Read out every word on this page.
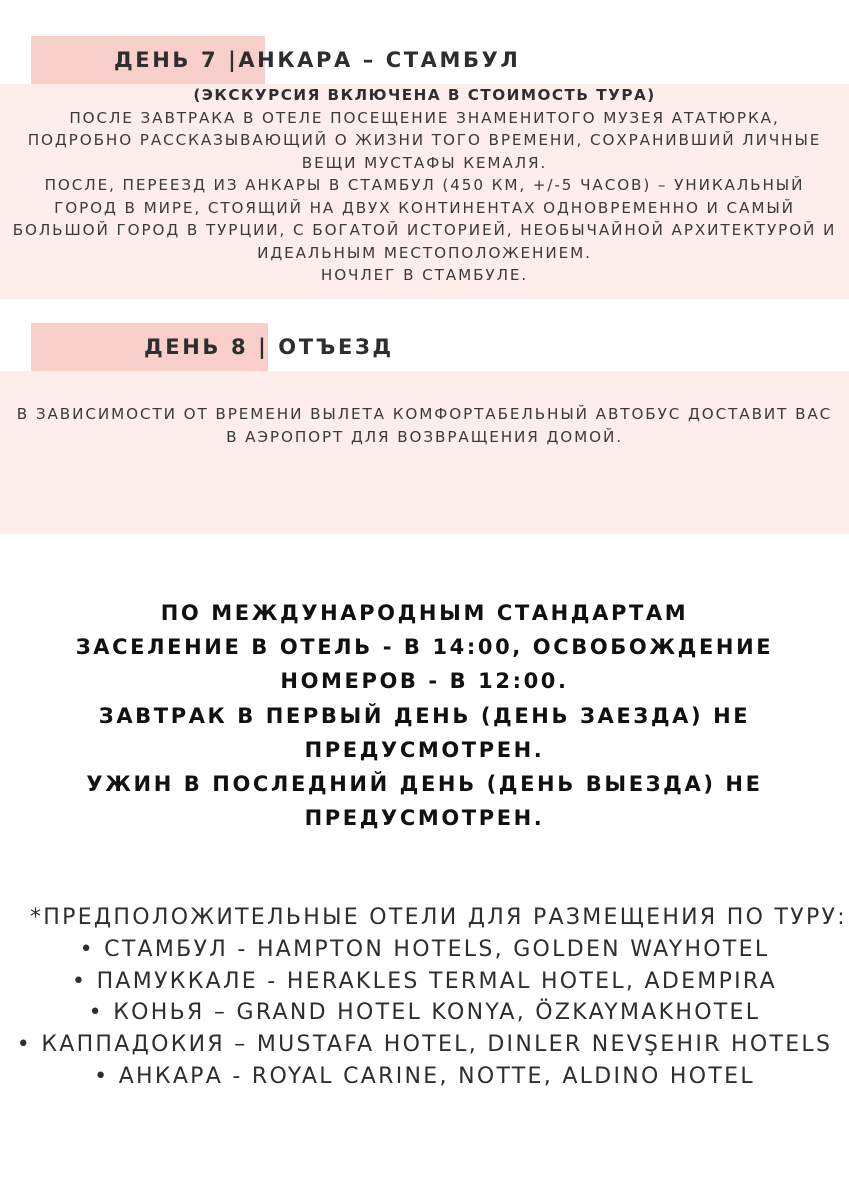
ДЕНЬ 7 |АНКАРА – СТАМБУЛ

(ЭКСКУРСИЯ ВКЛЮЧЕНА В СТОИМОСТЬ ТУРА)
ПОСЛЕ ЗАВТРАКА В ОТЕЛЕ ПОСЕЩЕНИЕ ЗНАМЕНИТОГО МУЗЕЯ АТАТЮРКА,
ПОДРОБНО РАССКАЗЫВАЮЩИЙ О ЖИЗНИ ТОГО ВРЕМЕНИ, СОХРАНИВШИЙ ЛИЧНЫЕ
ВЕЩИ МУСТАФЫ КЕМАЛЯ.
ПОСЛЕ, ПЕРЕЕЗД ИЗ АНКАРЫ В СТАМБУЛ (450 КМ, +/-5 ЧАСОВ) – УНИКАЛЬНЫЙ
ГОРОД В МИРЕ, СТОЯЩИЙ НА ДВУХ КОНТИНЕНТАХ ОДНОВРЕМЕННО И САМЫЙ
БОЛЬШОЙ ГОРОД В ТУРЦИИ, С БОГАТОЙ ИСТОРИЕЙ, НЕОБЫЧАЙНОЙ АРХИТЕКТУРОЙ И
ИДЕАЛЬНЫМ МЕСТОПОЛОЖЕНИЕМ.
НОЧЛЕГ В СТАМБУЛЕ.

ДЕНЬ 8 | ОТЪЕЗД

В ЗАВИСИМОСТИ ОТ ВРЕМЕНИ ВЫЛЕТА КОМФОРТАБЕЛЬНЫЙ АВТОБУС ДОСТАВИТ ВАС
В АЭРОПОРТ ДЛЯ ВОЗВРАЩЕНИЯ ДОМОЙ.

ПО МЕЖДУНАРОДНЫМ СТАНДАРТАМ
ЗАСЕЛЕНИЕ В ОТЕЛЬ - В 14:00, ОСВОБОЖДЕНИЕ
НОМЕРОВ - В 12:00.
ЗАВТРАК В ПЕРВЫЙ ДЕНЬ (ДЕНЬ ЗАЕЗДА) НЕ
ПРЕДУСМОТРЕН.
УЖИН В ПОСЛЕДНИЙ ДЕНЬ (ДЕНЬ ВЫЕЗДА) НЕ
ПРЕДУСМОТРЕН.
*ПРЕДПОЛОЖИТЕЛЬНЫЕ ОТЕЛИ ДЛЯ РАЗМЕЩЕНИЯ ПО ТУРУ:
• СТАМБУЛ - HAMPTON HOTELS, GOLDEN WAYHOTEL
• ПАМУККАЛЕ - HERAKLES TERMAL HOTEL, ADEMPIRA
• КОНЬЯ – GRAND HOTEL KONYA, ÖZKAYMAKHOTEL
• КАППАДОКИЯ – MUSTAFA HOTEL, DINLER NEVŞEHIR HOTELS
• АНКАРА - ROYAL CARINE, NOTTE, ALDINO HOTEL
